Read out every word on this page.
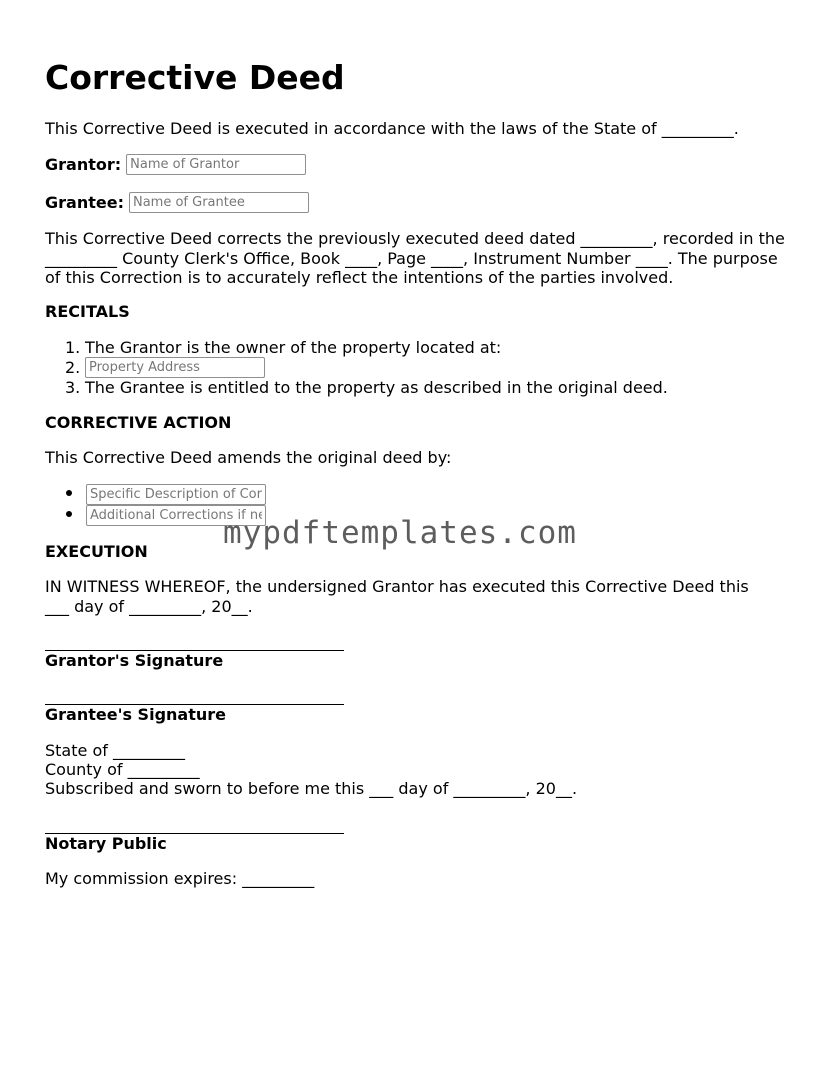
Corrective Deed
This Corrective Deed is executed in accordance with the laws of the State of _________.
Grantor:
Name of Grantor
Grantee:
Name of Grantee
This Corrective Deed corrects the previously executed deed dated _________, recorded in the _________ County Clerk's Office, Book ____, Page ____, Instrument Number ____. The purpose of this Correction is to accurately reflect the intentions of the parties involved.
RECITALS
1. The Grantor is the owner of the property located at:
2.
Property Address
3. The Grantee is entitled to the property as described in the original deed.
CORRECTIVE ACTION
This Corrective Deed amends the original deed by:
Specific Description of Correction
Additional Corrections if needed
EXECUTION
IN WITNESS WHEREOF, the undersigned Grantor has executed this Corrective Deed this
___ day of _________, 20__.
Grantor's Signature
Grantee's Signature
State of _________
County of _________
Subscribed and sworn to before me this ___ day of _________, 20__.
Notary Public
My commission expires: _________
mypdftemplates.com
